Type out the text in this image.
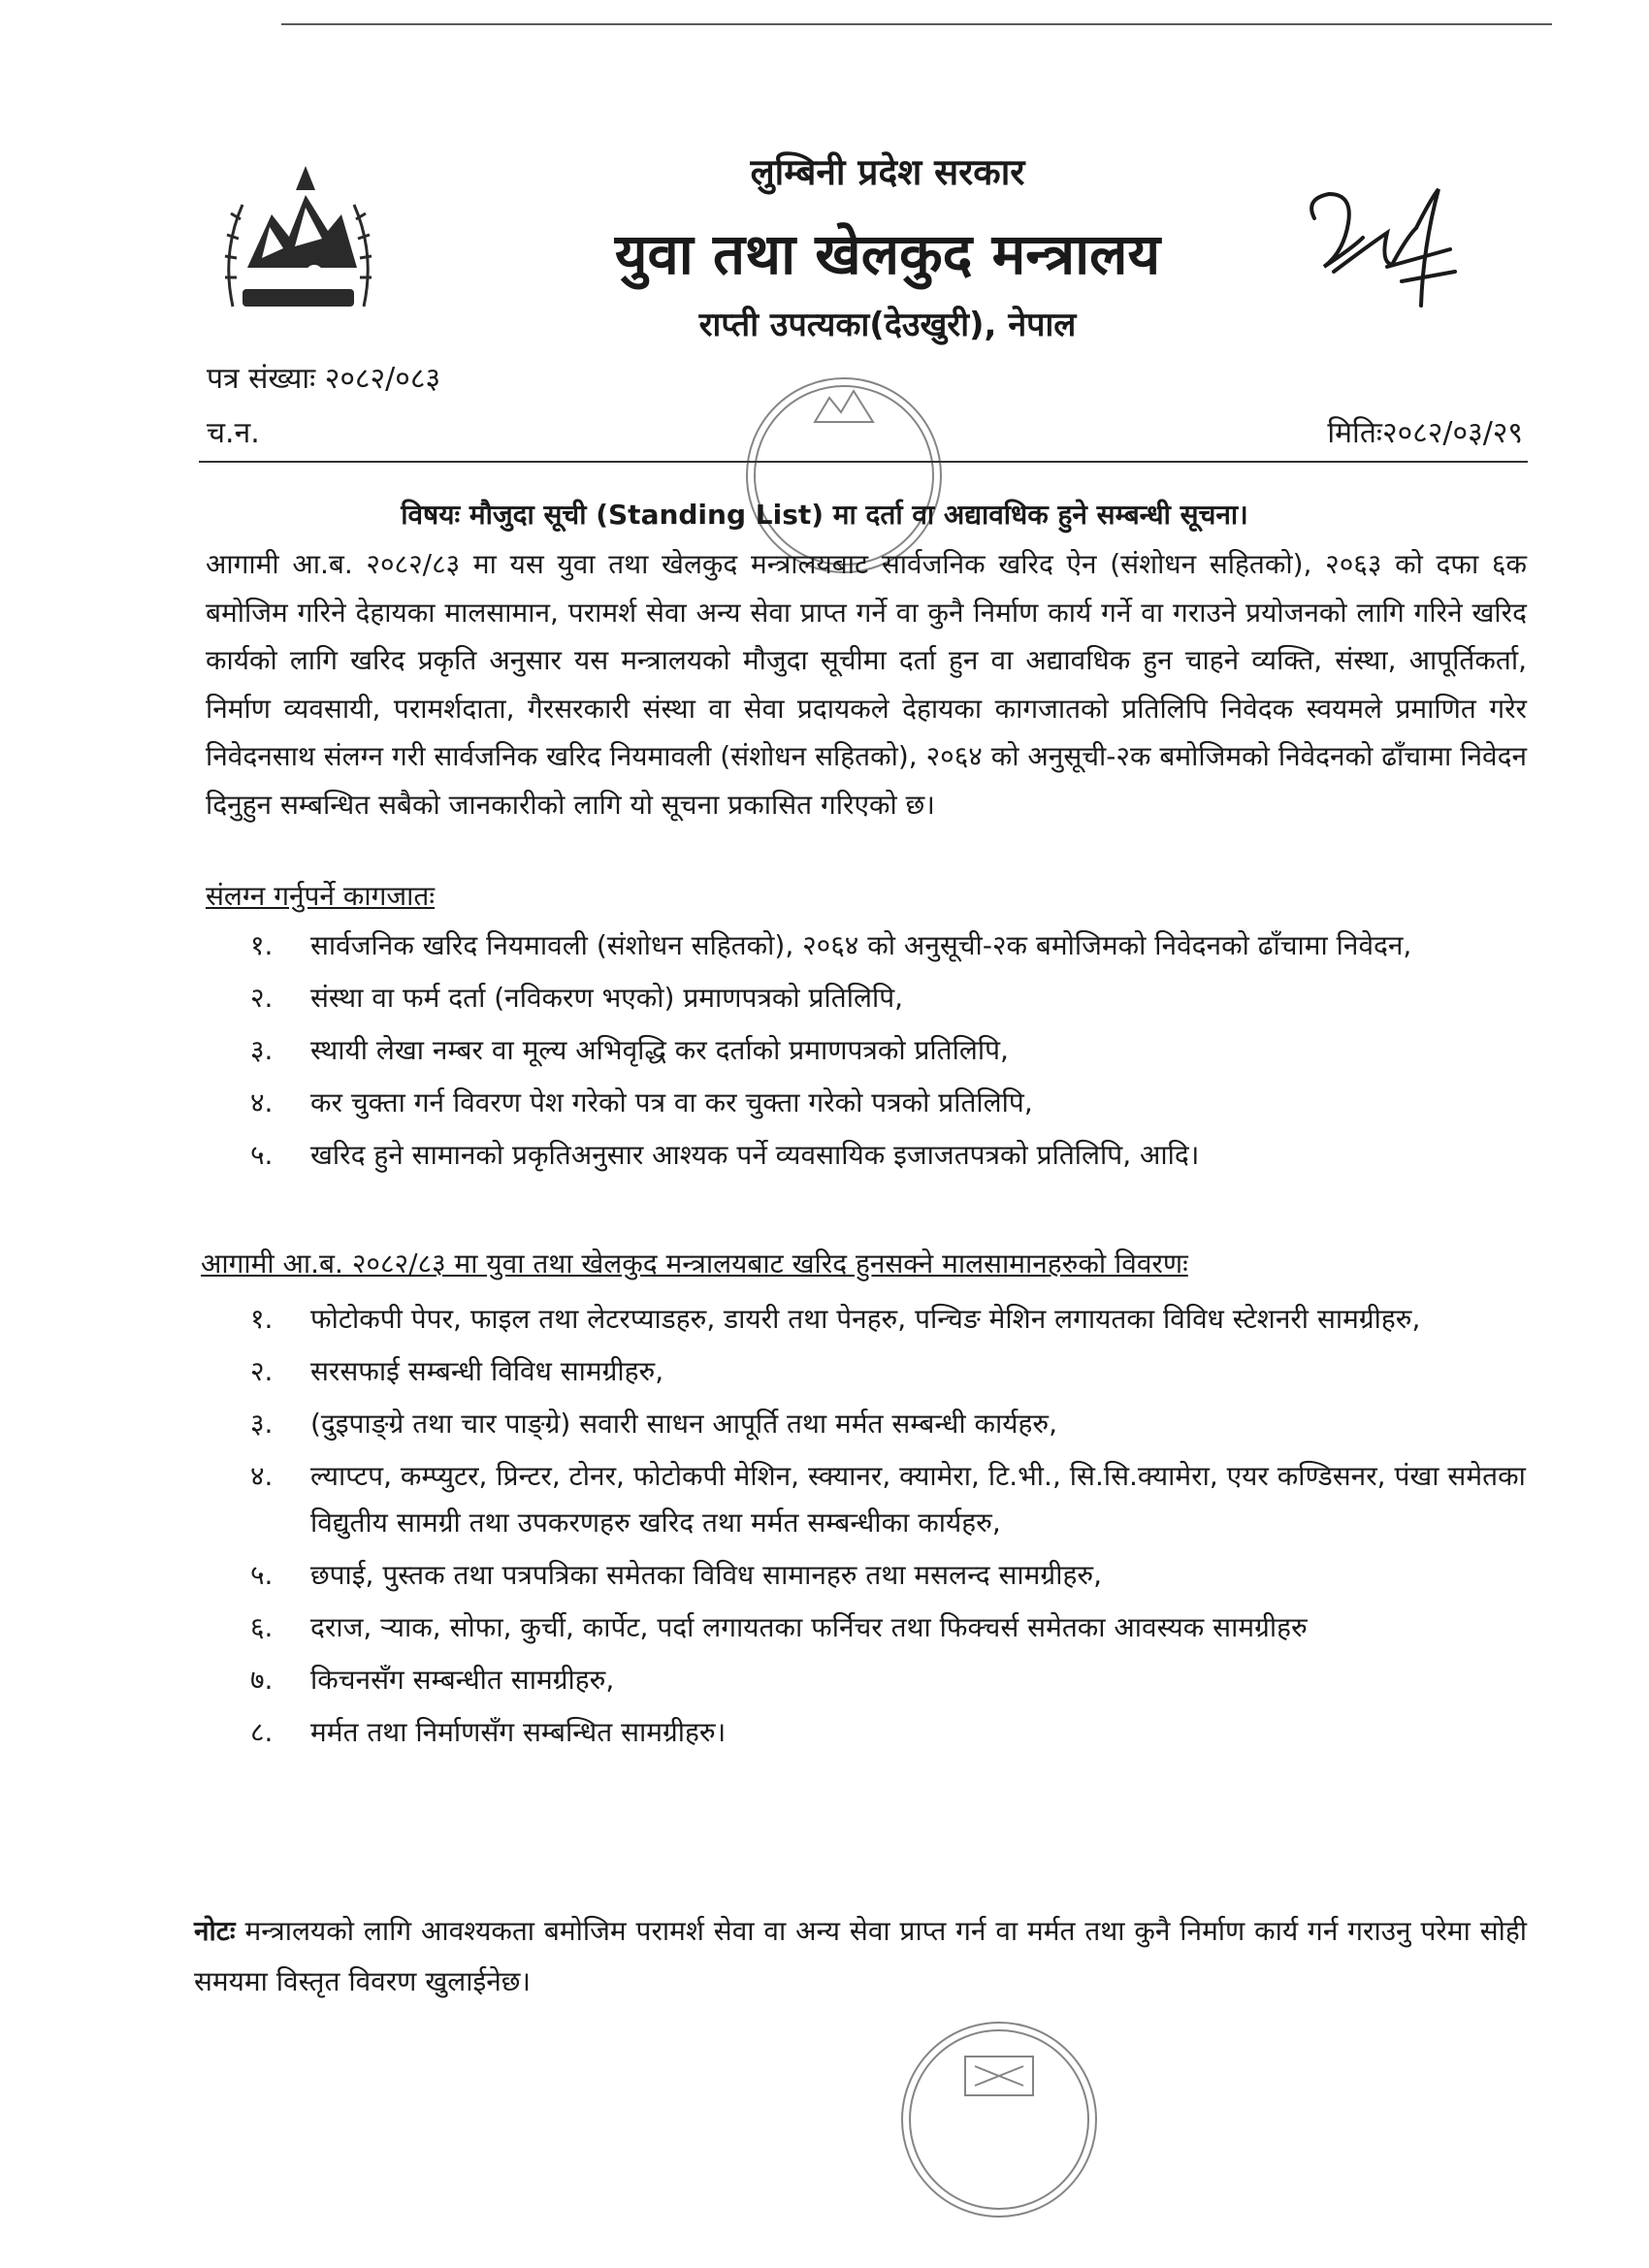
लुम्बिनी प्रदेश सरकार
युवा तथा खेलकुद मन्त्रालय
राप्ती उपत्यका(देउखुरी), नेपाल
पत्र संख्याः २०८२/०८३
च.न.	मितिः२०८२/०३/२९
विषयः मौजुदा सूची (Standing List) मा दर्ता वा अद्यावधिक हुने सम्बन्धी सूचना।

आगामी आ.ब. २०८२/८३ मा यस युवा तथा खेलकुद मन्त्रालयबाट सार्वजनिक खरिद ऐन (संशोधन सहितको), २०६३ को दफा ६क बमोजिम गरिने देहायका मालसामान, परामर्श सेवा अन्य सेवा प्राप्त गर्ने वा कुनै निर्माण कार्य गर्ने वा गराउने प्रयोजनको लागि गरिने खरिद कार्यको लागि खरिद प्रकृति अनुसार यस मन्त्रालयको मौजुदा सूचीमा दर्ता हुन वा अद्यावधिक हुन चाहने व्यक्ति, संस्था, आपूर्तिकर्ता, निर्माण व्यवसायी, परामर्शदाता, गैरसरकारी संस्था वा सेवा प्रदायकले देहायका कागजातको प्रतिलिपि निवेदक स्वयमले प्रमाणित गरेर निवेदनसाथ संलग्न गरी सार्वजनिक खरिद नियमावली (संशोधन सहितको), २०६४ को अनुसूची-२क बमोजिमको निवेदनको ढाँचामा निवेदन दिनुहुन सम्बन्धित सबैको जानकारीको लागि यो सूचना प्रकासित गरिएको छ।

संलग्न गर्नुपर्ने कागजातः
१. सार्वजनिक खरिद नियमावली (संशोधन सहितको), २०६४ को अनुसूची-२क बमोजिमको निवेदनको ढाँचामा निवेदन,
२. संस्था वा फर्म दर्ता (नविकरण भएको) प्रमाणपत्रको प्रतिलिपि,
३. स्थायी लेखा नम्बर वा मूल्य अभिवृद्धि कर दर्ताको प्रमाणपत्रको प्रतिलिपि,
४. कर चुक्ता गर्न विवरण पेश गरेको पत्र वा कर चुक्ता गरेको पत्रको प्रतिलिपि,
५. खरिद हुने सामानको प्रकृतिअनुसार आश्यक पर्ने व्यवसायिक इजाजतपत्रको प्रतिलिपि, आदि।
आगामी आ.ब. २०८२/८३ मा युवा तथा खेलकुद मन्त्रालयबाट खरिद हुनसक्ने मालसामानहरुको विवरणः
१. फोटोकपी पेपर, फाइल तथा लेटरप्याडहरु, डायरी तथा पेनहरु, पन्चिङ मेशिन लगायतका विविध स्टेशनरी सामग्रीहरु,
२. सरसफाई सम्बन्धी विविध सामग्रीहरु,
३. (दुइपाङ्ग्रे तथा चार पाङ्ग्रे) सवारी साधन आपूर्ति तथा मर्मत सम्बन्धी कार्यहरु,
४. ल्याप्टप, कम्प्युटर, प्रिन्टर, टोनर, फोटोकपी मेशिन, स्क्यानर, क्यामेरा, टि.भी., सि.सि.क्यामेरा, एयर कण्डिसनर, पंखा समेतका विद्युतीय सामग्री तथा उपकरणहरु खरिद तथा मर्मत सम्बन्धीका कार्यहरु,
५. छपाई, पुस्तक तथा पत्रपत्रिका समेतका विविध सामानहरु तथा मसलन्द सामग्रीहरु,
६. दराज, र्‍याक, सोफा, कुर्ची, कार्पेट, पर्दा लगायतका फर्निचर तथा फिक्चर्स समेतका आवस्यक सामग्रीहरु
७. किचनसँग सम्बन्धीत सामग्रीहरु,
८. मर्मत तथा निर्माणसँग सम्बन्धित सामग्रीहरु।

नोटः मन्त्रालयको लागि आवश्यकता बमोजिम परामर्श सेवा वा अन्य सेवा प्राप्त गर्न वा मर्मत तथा कुनै निर्माण कार्य गर्न गराउनु परेमा सोही समयमा विस्तृत विवरण खुलाईनेछ।
